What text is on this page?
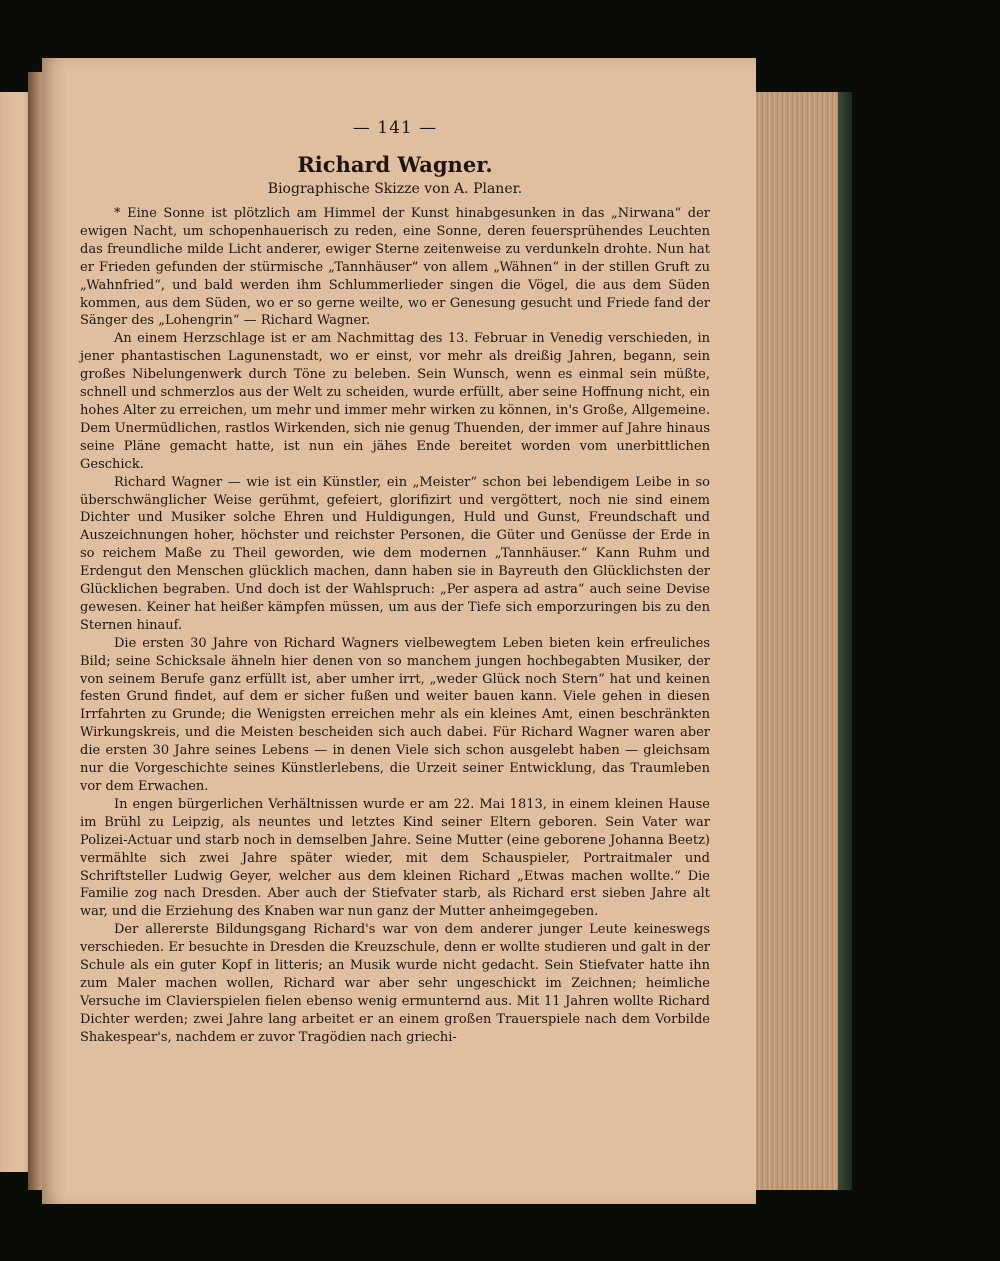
— 141 —
Richard Wagner.
Biographische Skizze von A. Planer.

* Eine Sonne ist plötzlich am Himmel der Kunst hinabgesunken in das „Nirwana“ der ewigen Nacht, um schopenhauerisch zu reden, eine Sonne, deren feuersprühendes Leuchten das freundliche milde Licht anderer, ewiger Sterne zeitenweise zu verdunkeln drohte. Nun hat er Frieden gefunden der stürmische „Tannhäuser“ von allem „Wähnen“ in der stillen Gruft zu „Wahnfried“, und bald werden ihm Schlummerlieder singen die Vögel, die aus dem Süden kommen, aus dem Süden, wo er so gerne weilte, wo er Genesung gesucht und Friede fand der Sänger des „Lohengrin“ — Richard Wagner.

An einem Herzschlage ist er am Nachmittag des 13. Februar in Venedig verschieden, in jener phantastischen Lagunenstadt, wo er einst, vor mehr als dreißig Jahren, begann, sein großes Nibelungenwerk durch Töne zu beleben. Sein Wunsch, wenn es einmal sein müßte, schnell und schmerzlos aus der Welt zu scheiden, wurde erfüllt, aber seine Hoffnung nicht, ein hohes Alter zu erreichen, um mehr und immer mehr wirken zu können, in's Große, Allgemeine. Dem Unermüdlichen, rastlos Wirkenden, sich nie genug Thuenden, der immer auf Jahre hinaus seine Pläne gemacht hatte, ist nun ein jähes Ende bereitet worden vom unerbittlichen Geschick.

Richard Wagner — wie ist ein Künstler, ein „Meister“ schon bei lebendigem Leibe in so überschwänglicher Weise gerühmt, gefeiert, glorifizirt und vergöttert, noch nie sind einem Dichter und Musiker solche Ehren und Huldigungen, Huld und Gunst, Freundschaft und Auszeichnungen hoher, höchster und reichster Personen, die Güter und Genüsse der Erde in so reichem Maße zu Theil geworden, wie dem modernen „Tannhäuser.“ Kann Ruhm und Erdengut den Menschen glücklich machen, dann haben sie in Bayreuth den Glücklichsten der Glücklichen begraben. Und doch ist der Wahlspruch: „Per aspera ad astra“ auch seine Devise gewesen. Keiner hat heißer kämpfen müssen, um aus der Tiefe sich emporzuringen bis zu den Sternen hinauf.

Die ersten 30 Jahre von Richard Wagners vielbewegtem Leben bieten kein erfreuliches Bild; seine Schicksale ähneln hier denen von so manchem jungen hochbegabten Musiker, der von seinem Berufe ganz erfüllt ist, aber umher irrt, „weder Glück noch Stern“ hat und keinen festen Grund findet, auf dem er sicher fußen und weiter bauen kann. Viele gehen in diesen Irrfahrten zu Grunde; die Wenigsten erreichen mehr als ein kleines Amt, einen beschränkten Wirkungskreis, und die Meisten bescheiden sich auch dabei. Für Richard Wagner waren aber die ersten 30 Jahre seines Lebens — in denen Viele sich schon ausgelebt haben — gleichsam nur die Vorgeschichte seines Künstlerlebens, die Urzeit seiner Entwicklung, das Traumleben vor dem Erwachen.

In engen bürgerlichen Verhältnissen wurde er am 22. Mai 1813, in einem kleinen Hause im Brühl zu Leipzig, als neuntes und letztes Kind seiner Eltern geboren. Sein Vater war Polizei-Actuar und starb noch in demselben Jahre. Seine Mutter (eine geborene Johanna Beetz) vermählte sich zwei Jahre später wieder, mit dem Schauspieler, Portraitmaler und Schriftsteller Ludwig Geyer, welcher aus dem kleinen Richard „Etwas machen wollte.“ Die Familie zog nach Dresden. Aber auch der Stiefvater starb, als Richard erst sieben Jahre alt war, und die Erziehung des Knaben war nun ganz der Mutter anheimgegeben.

Der allererste Bildungsgang Richard's war von dem anderer junger Leute keineswegs verschieden. Er besuchte in Dresden die Kreuzschule, denn er wollte studieren und galt in der Schule als ein guter Kopf in litteris; an Musik wurde nicht gedacht. Sein Stiefvater hatte ihn zum Maler machen wollen, Richard war aber sehr ungeschickt im Zeichnen; heimliche Versuche im Clavierspielen fielen ebenso wenig ermunternd aus. Mit 11 Jahren wollte Richard Dichter werden; zwei Jahre lang arbeitet er an einem großen Trauerspiele nach dem Vorbilde Shakespear's, nachdem er zuvor Tragödien nach griechi-
